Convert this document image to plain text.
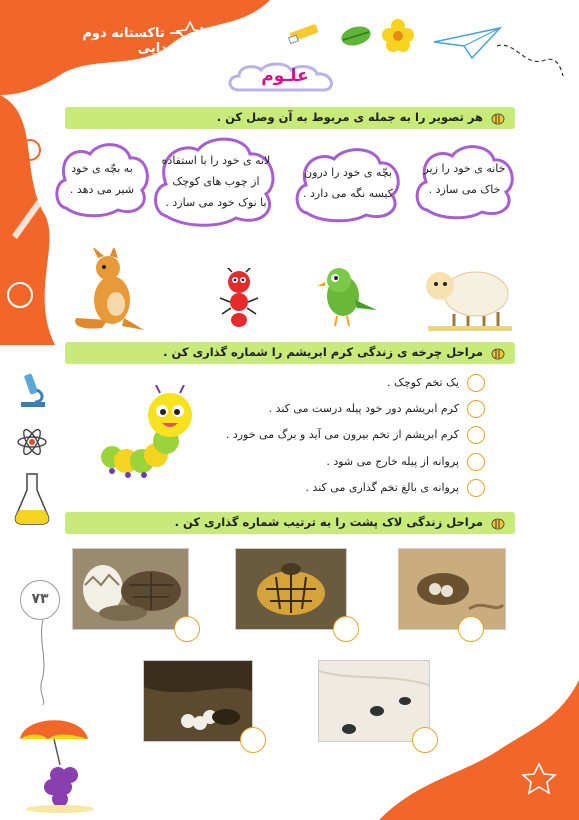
تابستانه — تاکستانه دوم ابتدایی
علـوم
هر تصویر را به جمله ی مربوط به آن وصل کن .
خانه ی خود را زیر
خاک می سازد .
بچّه ی خود را درون
کیسه نگه می دارد .
لانه ی خود را با استفاده
از چوب های کوچک
با نوک خود می سازد .
به بچّه ی خود
شیر می دهد .
مراحل چرخه ی زندگی کرم ابریشم را شماره گذاری کن .
یک تخم کوچک .
کرم ابریشم دور خود پیله درست می کند .
کرم ابریشم از تخم بیرون می آید و برگ می خورد .
پروانه از پیله خارج می شود .
پروانه ی بالغ تخم گذاری می کند .
مراحل زندگی لاک پشت را به ترتیب شماره گذاری کن .
۷۳
